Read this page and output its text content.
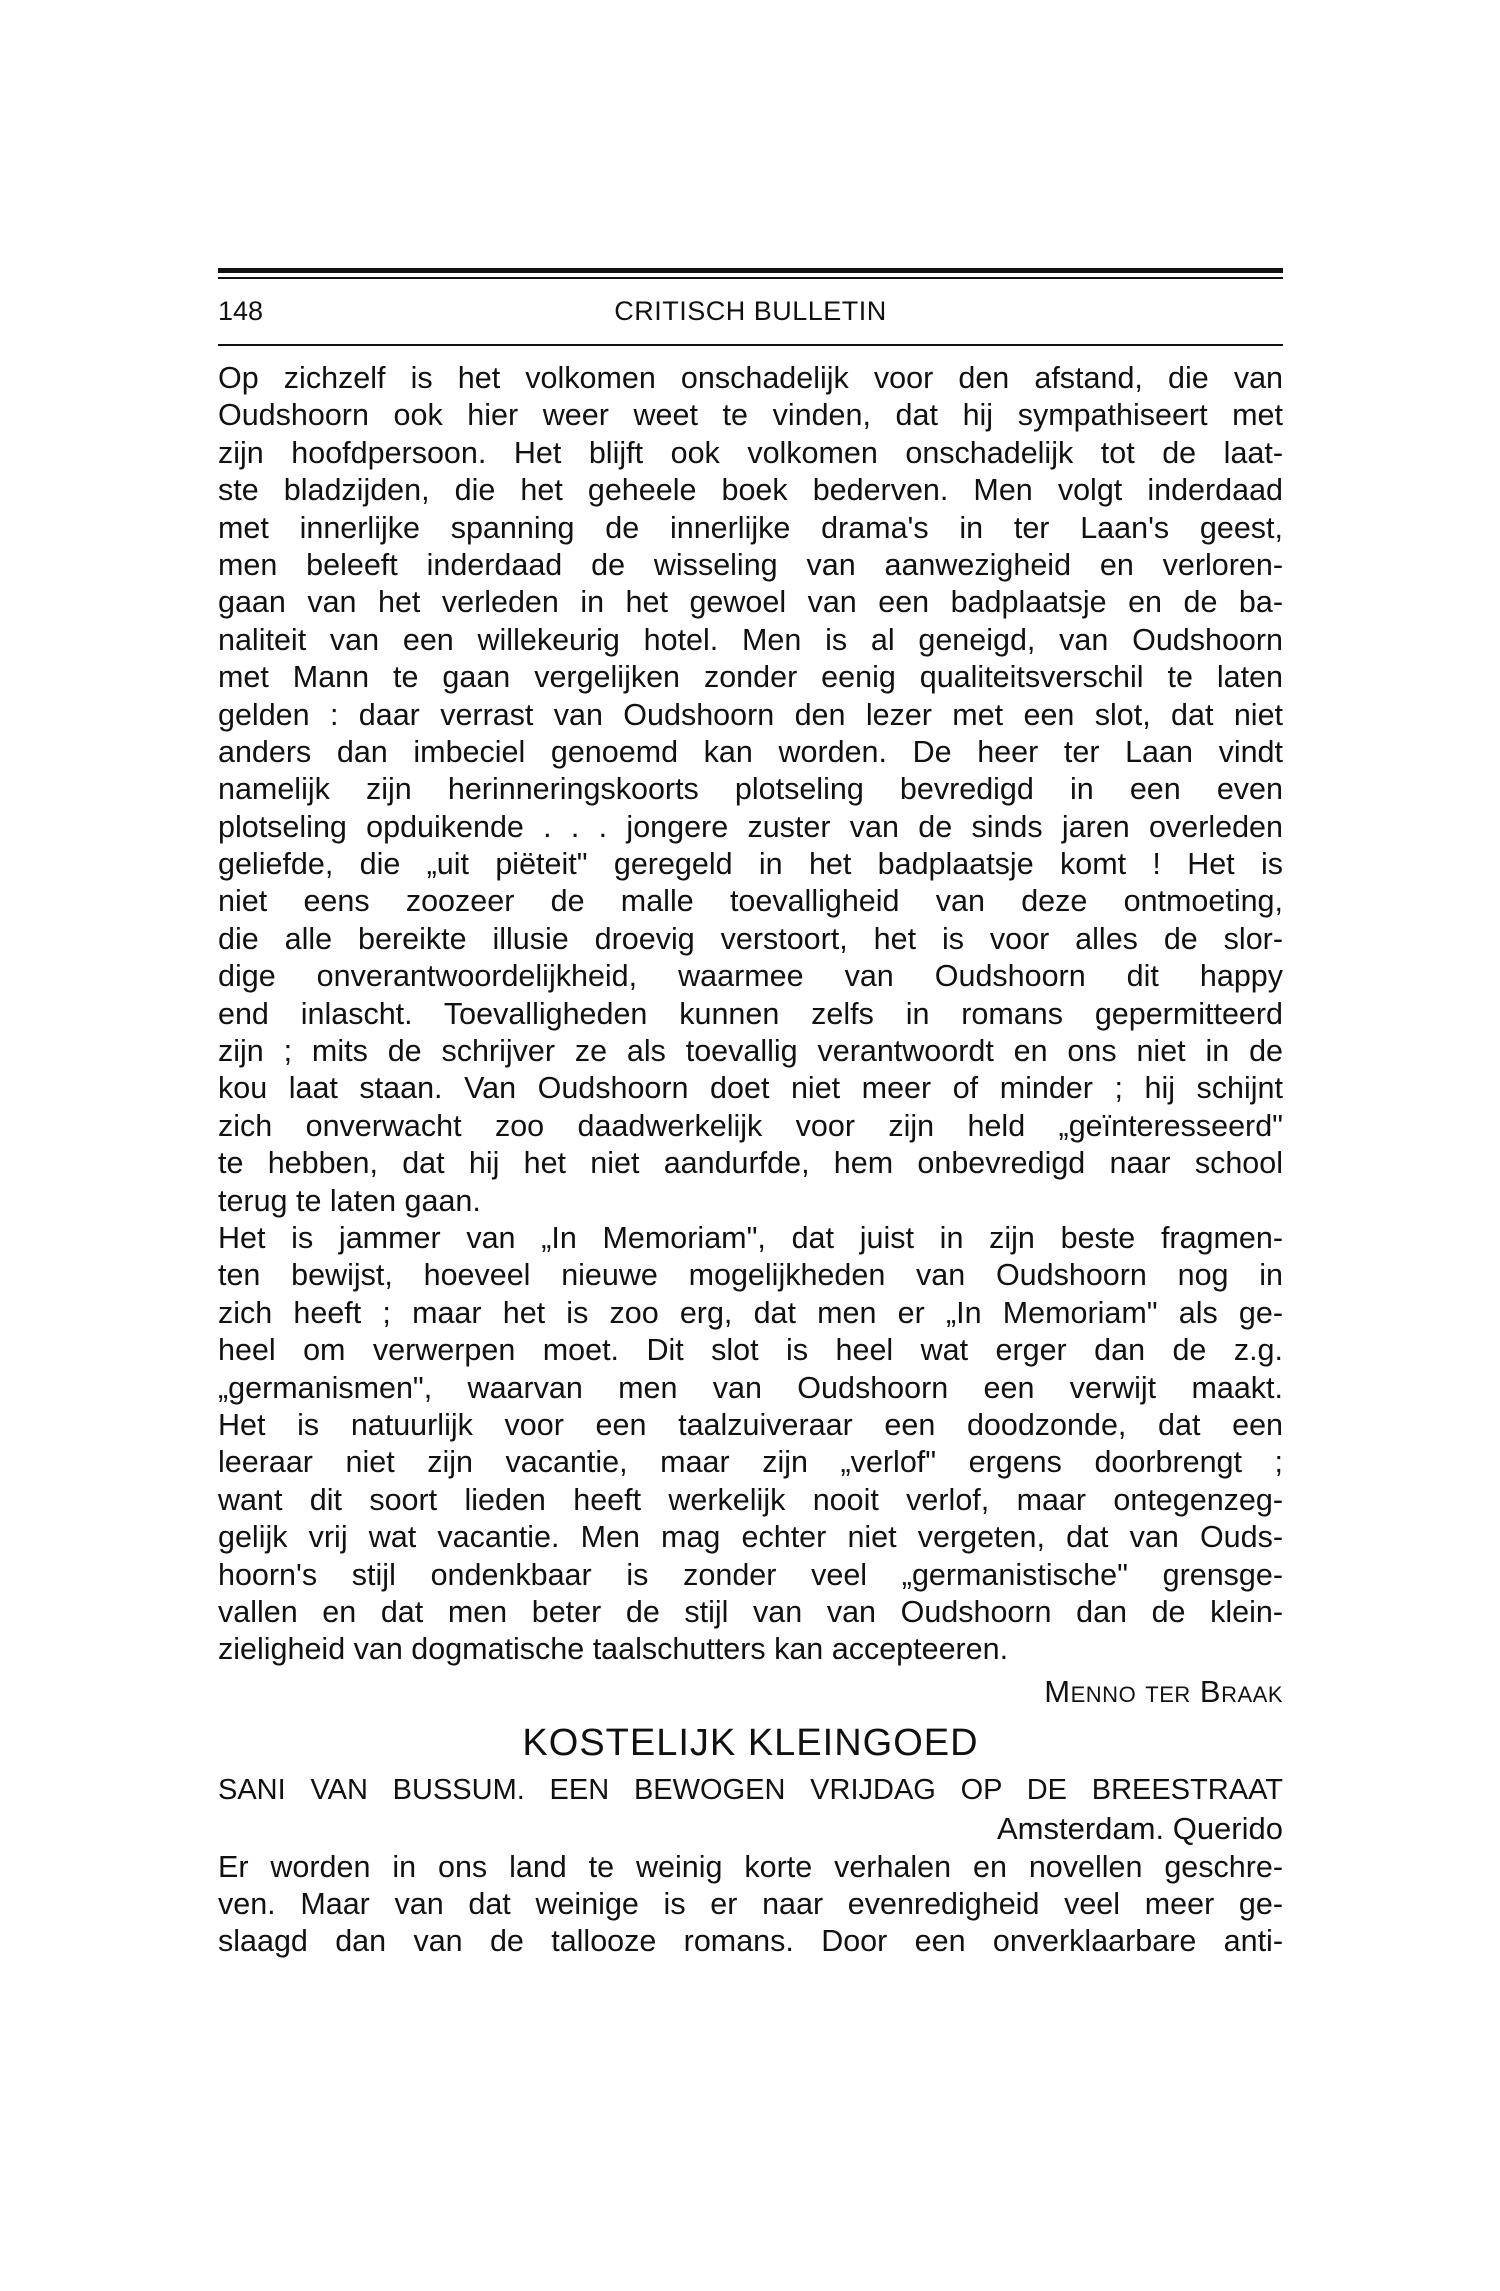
148	CRITISCH BULLETIN
Op zichzelf is het volkomen onschadelijk voor den afstand, die van
Oudshoorn ook hier weer weet te vinden, dat hij sympathiseert met
zijn hoofdpersoon. Het blijft ook volkomen onschadelijk tot de laat-
ste bladzijden, die het geheele boek bederven. Men volgt inderdaad
met innerlijke spanning de innerlijke drama's in ter Laan's geest,
men beleeft inderdaad de wisseling van aanwezigheid en verloren-
gaan van het verleden in het gewoel van een badplaatsje en de ba-
naliteit van een willekeurig hotel. Men is al geneigd, van Oudshoorn
met Mann te gaan vergelijken zonder eenig qualiteitsverschil te laten
gelden : daar verrast van Oudshoorn den lezer met een slot, dat niet
anders dan imbeciel genoemd kan worden. De heer ter Laan vindt
namelijk zijn herinneringskoorts plotseling bevredigd in een even
plotseling opduikende . . . jongere zuster van de sinds jaren overleden
geliefde, die „uit piëteit" geregeld in het badplaatsje komt ! Het is
niet eens zoozeer de malle toevalligheid van deze ontmoeting,
die alle bereikte illusie droevig verstoort, het is voor alles de slor-
dige onverantwoordelijkheid, waarmee van Oudshoorn dit happy
end inlascht. Toevalligheden kunnen zelfs in romans gepermitteerd
zijn ; mits de schrijver ze als toevallig verantwoordt en ons niet in de
kou laat staan. Van Oudshoorn doet niet meer of minder ; hij schijnt
zich onverwacht zoo daadwerkelijk voor zijn held „geïnteresseerd"
te hebben, dat hij het niet aandurfde, hem onbevredigd naar school
terug te laten gaan.
Het is jammer van „In Memoriam", dat juist in zijn beste fragmen-
ten bewijst, hoeveel nieuwe mogelijkheden van Oudshoorn nog in
zich heeft ; maar het is zoo erg, dat men er „In Memoriam" als ge-
heel om verwerpen moet. Dit slot is heel wat erger dan de z.g.
„germanismen", waarvan men van Oudshoorn een verwijt maakt.
Het is natuurlijk voor een taalzuiveraar een doodzonde, dat een
leeraar niet zijn vacantie, maar zijn „verlof" ergens doorbrengt ;
want dit soort lieden heeft werkelijk nooit verlof, maar ontegenzeg-
gelijk vrij wat vacantie. Men mag echter niet vergeten, dat van Ouds-
hoorn's stijl ondenkbaar is zonder veel „germanistische" grensge-
vallen en dat men beter de stijl van van Oudshoorn dan de klein-
zieligheid van dogmatische taalschutters kan accepteeren.
Menno ter Braak
KOSTELIJK KLEINGOED
SANI VAN BUSSUM. EEN BEWOGEN VRIJDAG OP DE BREESTRAAT
Amsterdam. Querido
Er worden in ons land te weinig korte verhalen en novellen geschre-
ven. Maar van dat weinige is er naar evenredigheid veel meer ge-
slaagd dan van de tallooze romans. Door een onverklaarbare anti-
